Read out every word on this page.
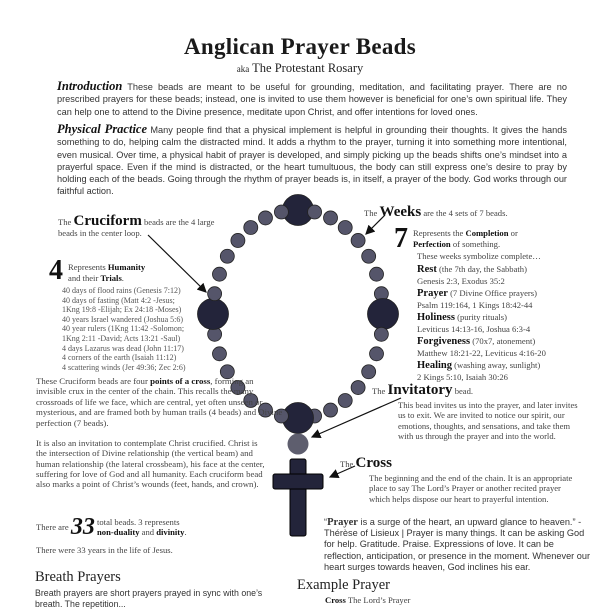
Anglican Prayer Beads
aka The Protestant Rosary
Introduction These beads are meant to be useful for grounding, meditation, and facilitating prayer. There are no prescribed prayers for these beads; instead, one is invited to use them however is beneficial for one’s own spiritual life. They can help one to attend to the Divine presence, meditate upon Christ, and offer intentions for loved ones.
Physical Practice Many people find that a physical implement is helpful in grounding their thoughts. It gives the hands something to do, helping calm the distracted mind. It adds a rhythm to the prayer, turning it into something more intentional, even musical. Over time, a physical habit of prayer is developed, and simply picking up the beads shifts one’s mindset into a prayerful space. Even if the mind is distracted, or the heart tumultuous, the body can still express one’s desire to pray by holding each of the beads. Going through the rhythm of prayer beads is, in itself, a prayer of the body. God works through our faithful action.
The Cruciform beads are the 4 large beads in the center loop.
4 Represents Humanity
and their Trials.
40 days of flood rains (Genesis 7:12)
40 days of fasting (Matt 4:2 -Jesus;
1Kng 19:8 -Elijah; Ex 24:18 -Moses)
40 years Israel wandered (Joshua 5:6)
40 year rulers (1Kng 11:42 -Solomon;
1Kng 2:11 -David; Acts 13:21 -Saul)
4 days Lazarus was dead (John 11:17)
4 corners of the earth (Isaiah 11:12)
4 scattering winds (Jer 49:36; Zec 2:6)
These Cruciform beads are four points of a cross, forming an invisible crux in the center of the chain. This recalls the many crossroads of life we face, which are central, yet often unseen or mysterious, and are framed both by human trails (4 beads) and Divine perfection (7 beads).
It is also an invitation to contemplate Christ crucified. Christ is the intersection of Divine relationship (the vertical beam) and human relationship (the lateral crossbeam), his face at the center, suffering for love of God and all humanity. Each cruciform bead also marks a point of Christ’s wounds (feet, hands, and crown).
There are 33 total beads. 3 represents
non-duality and divinity.
There were 33 years in the life of Jesus.
Breath Prayers
Breath prayers are short prayers prayed in sync with one’s breath. The repetition...
The Weeks are the 4 sets of 7 beads.
7 Represents the Completion or
Perfection of something.
These weeks symbolize complete…
Rest (the 7th day, the Sabbath)
Genesis 2:3, Exodus 35:2
Prayer (7 Divine Office prayers)
Psalm 119:164, 1 Kings 18:42-44
Holiness (purity rituals)
Leviticus 14:13-16, Joshua 6:3-4
Forgiveness (70x7, atonement)
Matthew 18:21-22, Leviticus 4:16-20
Healing (washing away, sunlight)
2 Kings 5:10, Isaiah 30:26
The Invitatory bead.
This bead invites us into the prayer, and later invites us to exit. We are invited to notice our spirit, our emotions, thoughts, and sensations, and take them with us through the prayer and into the world.
The Cross
The beginning and the end of the chain. It is an appropriate place to say The Lord’s Prayer or another recited prayer which helps dispose our heart to prayerful intention.
“Prayer is a surge of the heart, an upward glance to heaven.” -Thérèse of Lisieux | Prayer is many things. It can be asking God for help. Gratitude. Praise. Expressions of love. It can be reflection, anticipation, or presence in the moment. Whenever our heart surges towards heaven, God inclines his ear.
Example Prayer
Cross The Lord’s Prayer
